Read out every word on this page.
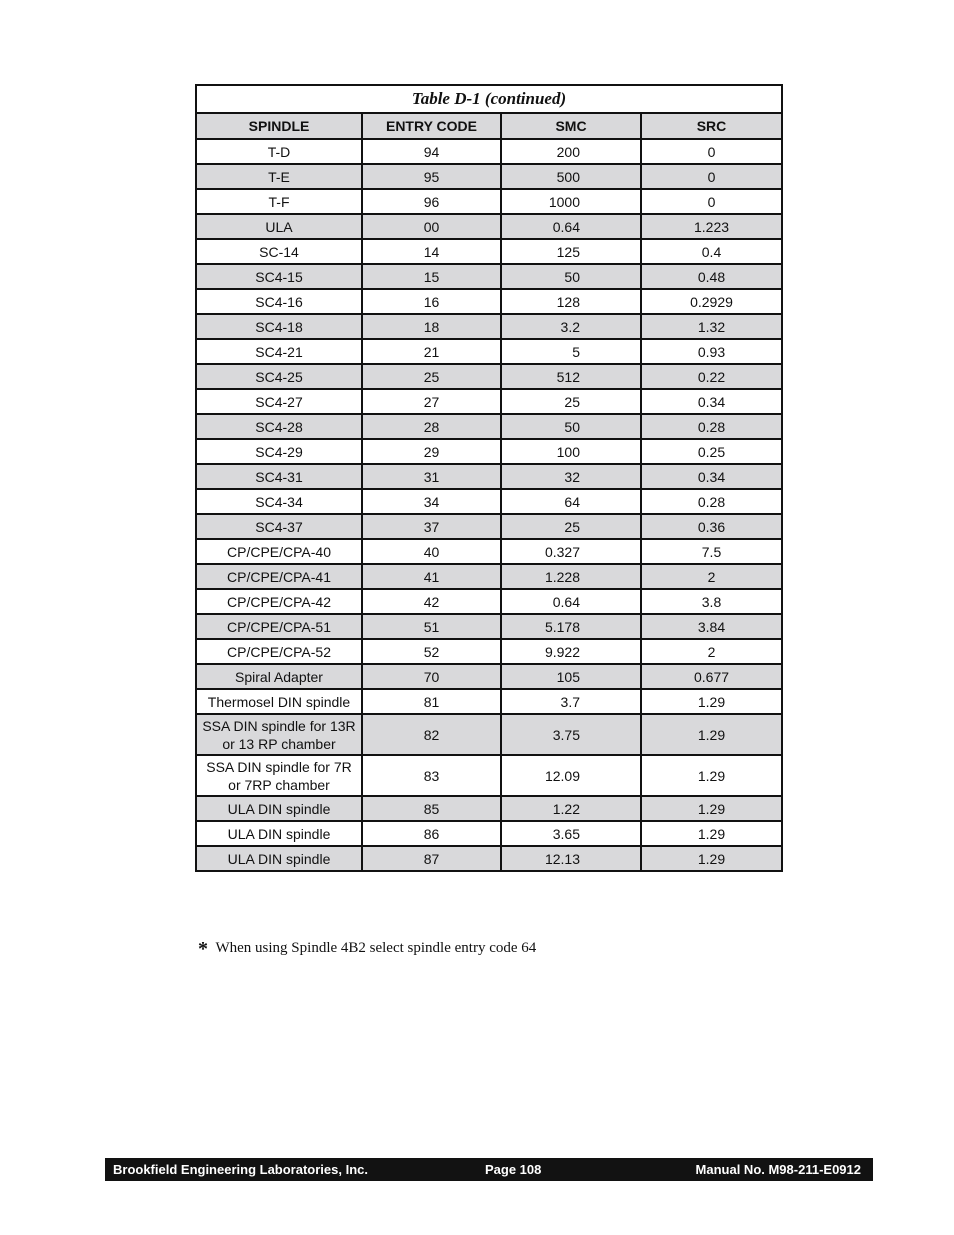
Table D-1 (continued)			
SPINDLE	ENTRY CODE	SMC	SRC
T-D	94	200	0
T-E	95	500	0
T-F	96	1000	0
ULA	00	0.64	1.223
SC-14	14	125	0.4
SC4-15	15	50	0.48
SC4-16	16	128	0.2929
SC4-18	18	3.2	1.32
SC4-21	21	5	0.93
SC4-25	25	512	0.22
SC4-27	27	25	0.34
SC4-28	28	50	0.28
SC4-29	29	100	0.25
SC4-31	31	32	0.34
SC4-34	34	64	0.28
SC4-37	37	25	0.36
CP/CPE/CPA-40	40	0.327	7.5
CP/CPE/CPA-41	41	1.228	2
CP/CPE/CPA-42	42	0.64	3.8
CP/CPE/CPA-51	51	5.178	3.84
CP/CPE/CPA-52	52	9.922	2
Spiral Adapter	70	105	0.677
Thermosel DIN spindle	81	3.7	1.29
SSA DIN spindle for 13R or 13 RP chamber	82	3.75	1.29
SSA DIN spindle for 7R or 7RP chamber	83	12.09	1.29
ULA DIN spindle	85	1.22	1.29
ULA DIN spindle	86	3.65	1.29
ULA DIN spindle	87	12.13	1.29
* When using Spindle 4B2 select spindle entry code 64
Brookfield Engineering Laboratories, Inc.	Page 108	Manual No. M98-211-E0912
